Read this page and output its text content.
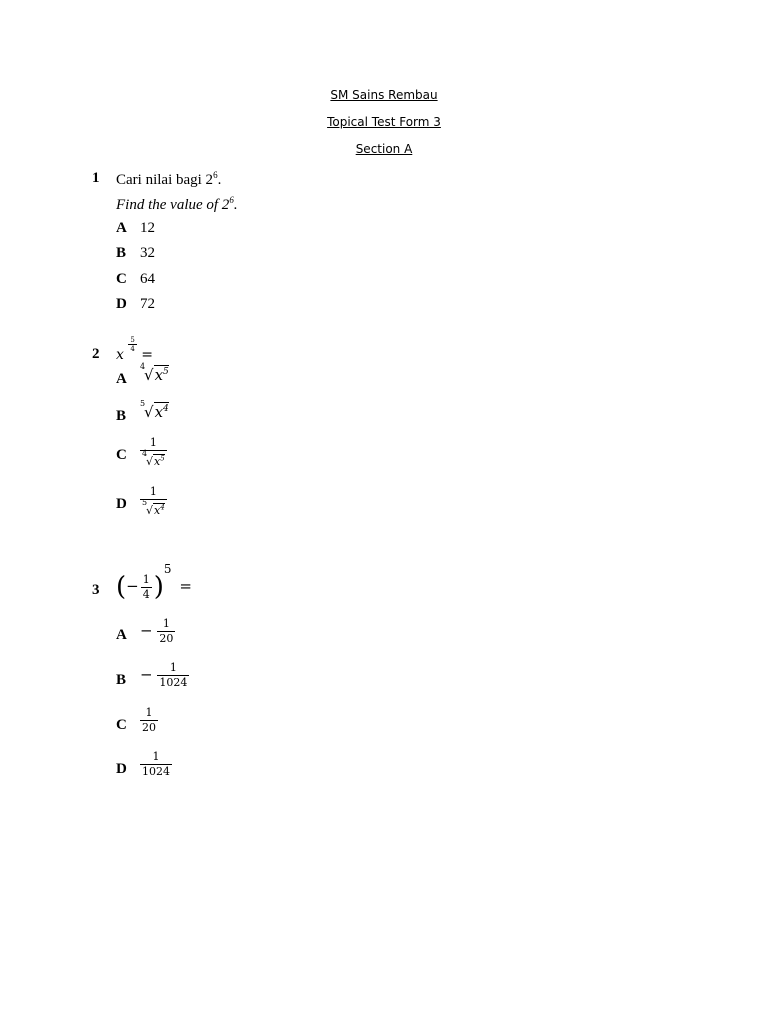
SM Sains Rembau
Topical Test Form 3
Section A
1 Cari nilai bagi $2^6$.
Find the value of $2^6$.
A 12
B 32
C 64
D 72
2 x
$\frac{5}{4}$
=
A
4
$√x^5$
B
5
$√x^4$
C 1
4
$√x^5$
D 1
5
$√x^4$
3 (− $\frac{1}{4} )^5$ =
$A - \frac{1}{20}$
$B - \frac{1}{1024}$
C $\frac{1}{20}$
D $\frac{1}{1024}$
